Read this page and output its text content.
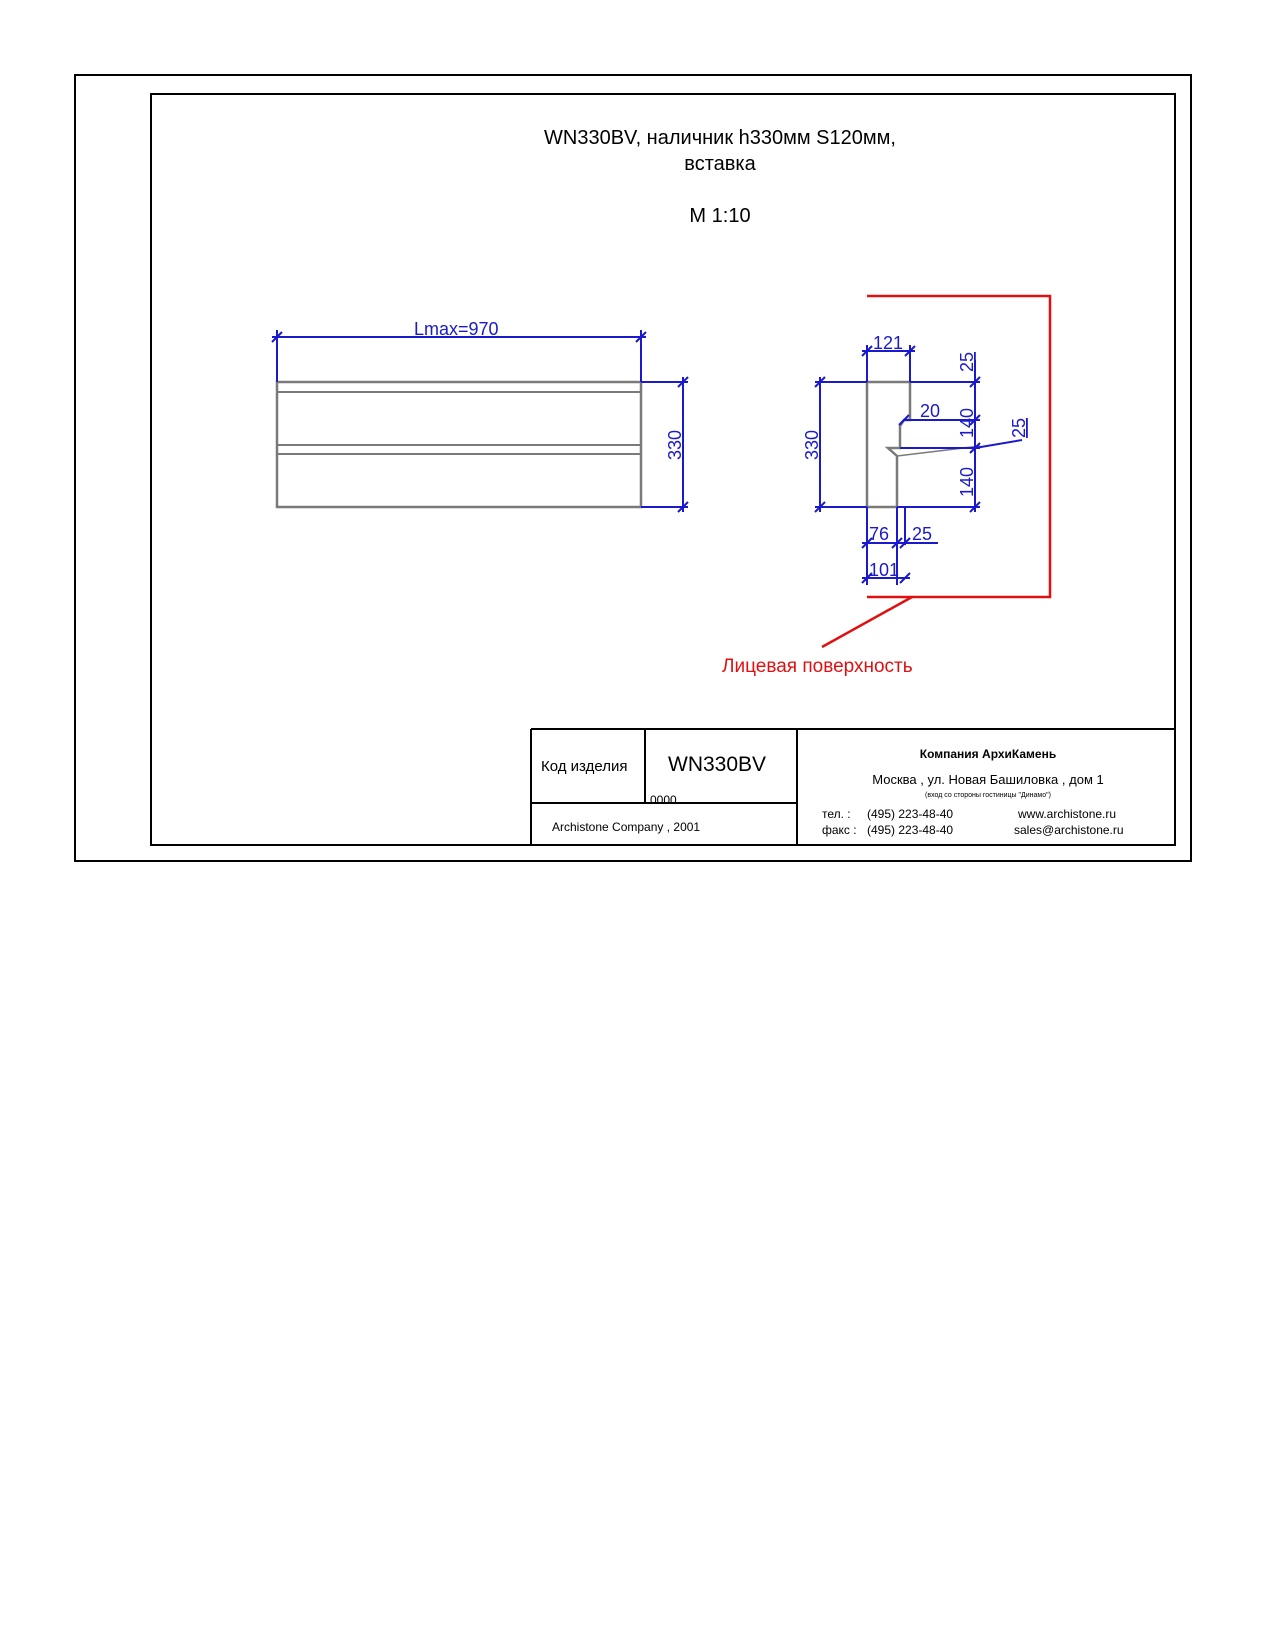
WN330BV, наличник h330мм S120мм,
вставка
М 1:10
Lmax=970
330	330
121
25
140
140
20
25
76 25
101
Лицевая поверхность
Код изделия WN330BV
0000
Archistone Company , 2001
Компания АрхиКамень
Москва , ул. Новая Башиловка , дом 1
(вход со стороны гостиницы "Динамо")
тел. : (495) 223-48-40	www.archistone.ru
факс : (495) 223-48-40	sales@archistone.ru
